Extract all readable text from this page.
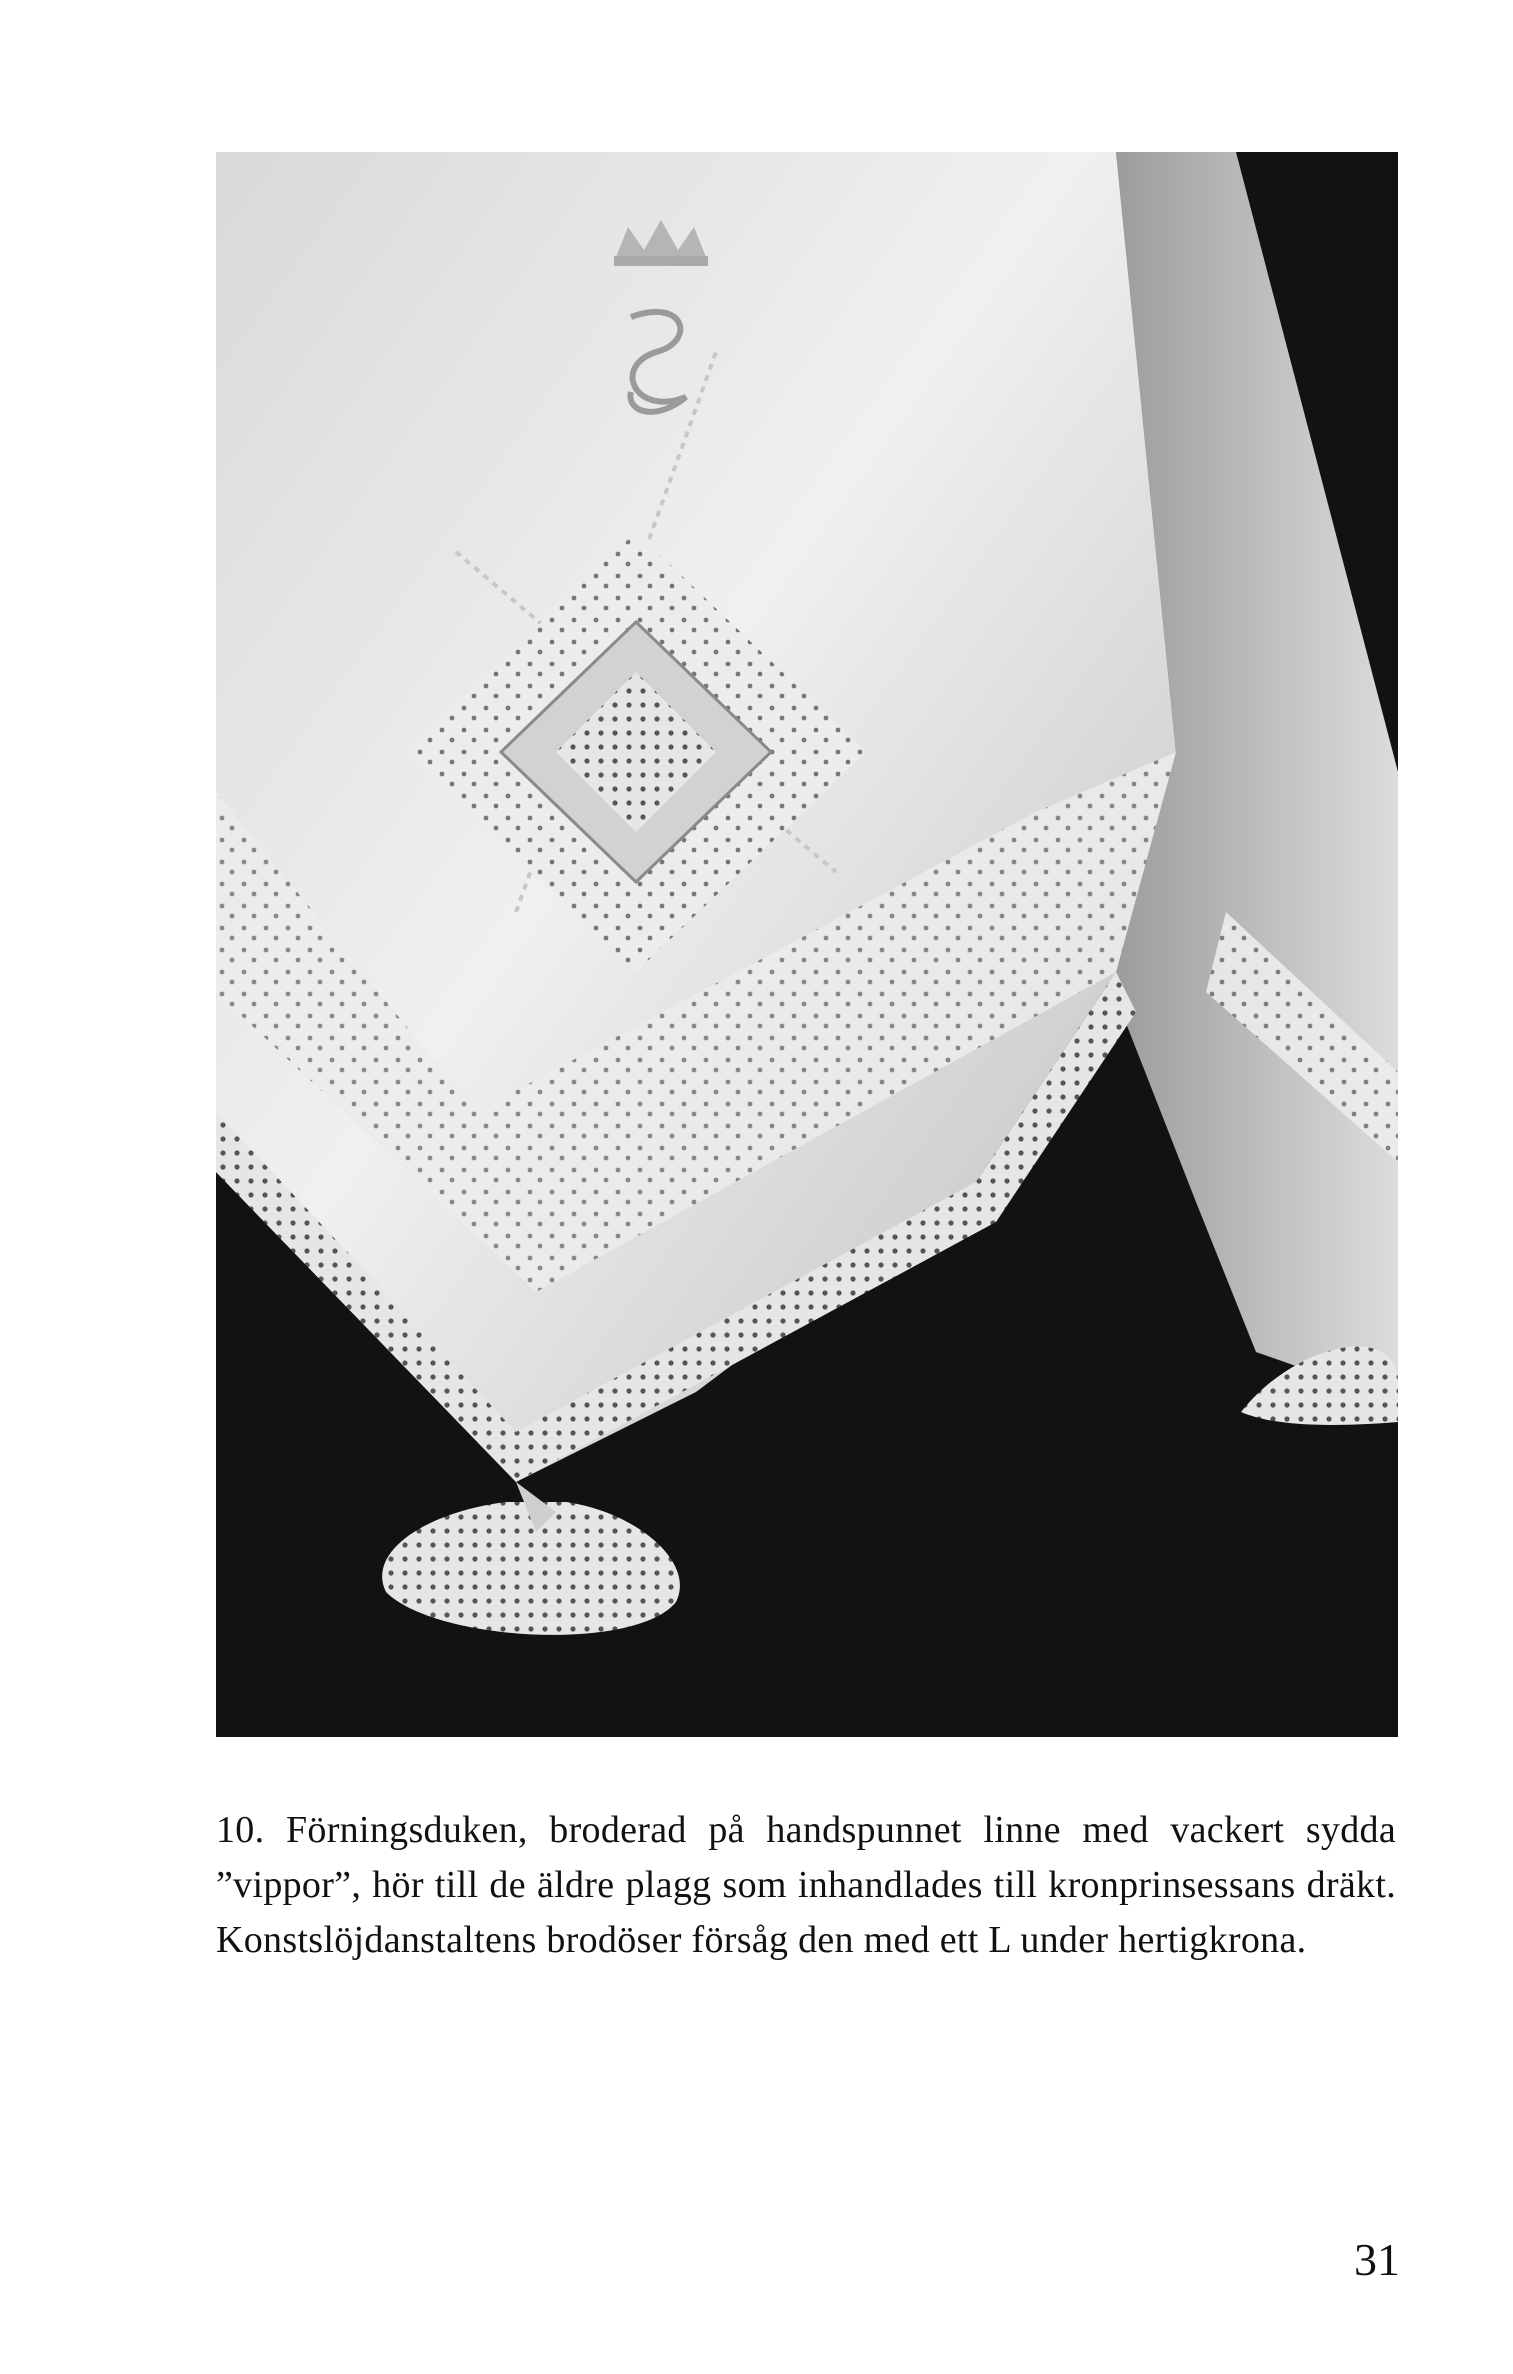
10. Förningsduken, broderad på handspunnet linne med vackert sydda ”vippor”, hör till de äldre plagg som inhandlades till kronprinsessans dräkt. Konstslöjdanstaltens brodöser försåg den med ett L under hertigkrona.

31
